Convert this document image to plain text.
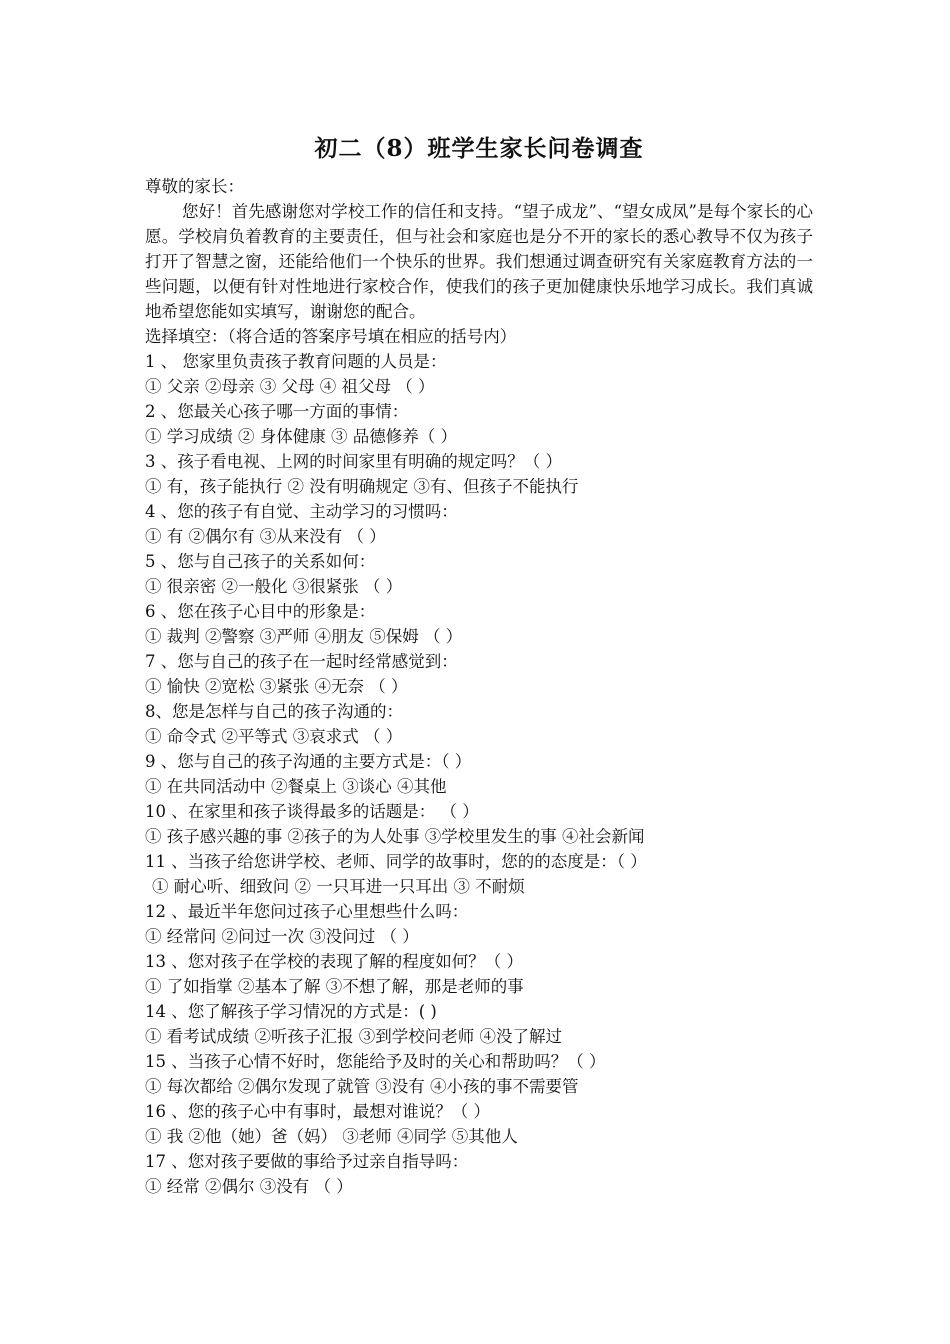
初二（8）班学生家长问卷调查
尊敬的家长：

您好！首先感谢您对学校工作的信任和支持。“望子成龙”、“望女成凤”是每个家长的心愿。学校肩负着教育的主要责任，但与社会和家庭也是分不开的家长的悉心教导不仅为孩子打开了智慧之窗，还能给他们一个快乐的世界。我们想通过调查研究有关家庭教育方法的一些问题，以便有针对性地进行家校合作，使我们的孩子更加健康快乐地学习成长。我们真诚地希望您能如实填写，谢谢您的配合。

选择填空：（将合适的答案序号填在相应的括号内）
1 、 您家里负责孩子教育问题的人员是：
① 父亲 ②母亲 ③ 父母 ④ 祖父母 （ ）
2 、您最关心孩子哪一方面的事情：
① 学习成绩 ② 身体健康 ③ 品德修养（ ）
3 、孩子看电视、上网的时间家里有明确的规定吗？（ ）
① 有，孩子能执行 ② 没有明确规定 ③有、但孩子不能执行
4 、您的孩子有自觉、主动学习的习惯吗：
① 有 ②偶尔有 ③从来没有 （ ）
5 、您与自己孩子的关系如何：
① 很亲密 ②一般化 ③很紧张 （ ）
6 、您在孩子心目中的形象是：
① 裁判 ②警察 ③严师 ④朋友 ⑤保姆 （ ）
7 、您与自己的孩子在一起时经常感觉到：
① 愉快 ②宽松 ③紧张 ④无奈 （ ）
8、您是怎样与自己的孩子沟通的：
① 命令式 ②平等式 ③哀求式 （ ）
9 、您与自己的孩子沟通的主要方式是：（ ）
① 在共同活动中 ②餐桌上 ③谈心 ④其他
10 、在家里和孩子谈得最多的话题是： （ ）
① 孩子感兴趣的事 ②孩子的为人处事 ③学校里发生的事 ④社会新闻
11 、当孩子给您讲学校、老师、同学的故事时，您的的态度是：（ ）
① 耐心听、细致问 ② 一只耳进一只耳出 ③ 不耐烦
12 、最近半年您问过孩子心里想些什么吗：
① 经常问 ②问过一次 ③没问过 （ ）
13 、您对孩子在学校的表现了解的程度如何？（ ）
① 了如指掌 ②基本了解 ③不想了解，那是老师的事
14 、您了解孩子学习情况的方式是：( )
① 看考试成绩 ②听孩子汇报 ③到学校问老师 ④没了解过
15 、当孩子心情不好时，您能给予及时的关心和帮助吗？（ ）
① 每次都给 ②偶尔发现了就管 ③没有 ④小孩的事不需要管
16 、您的孩子心中有事时，最想对谁说？（ ）
① 我 ②他（她）爸（妈） ③老师 ④同学 ⑤其他人
17 、您对孩子要做的事给予过亲自指导吗：
① 经常 ②偶尔 ③没有 （ ）
